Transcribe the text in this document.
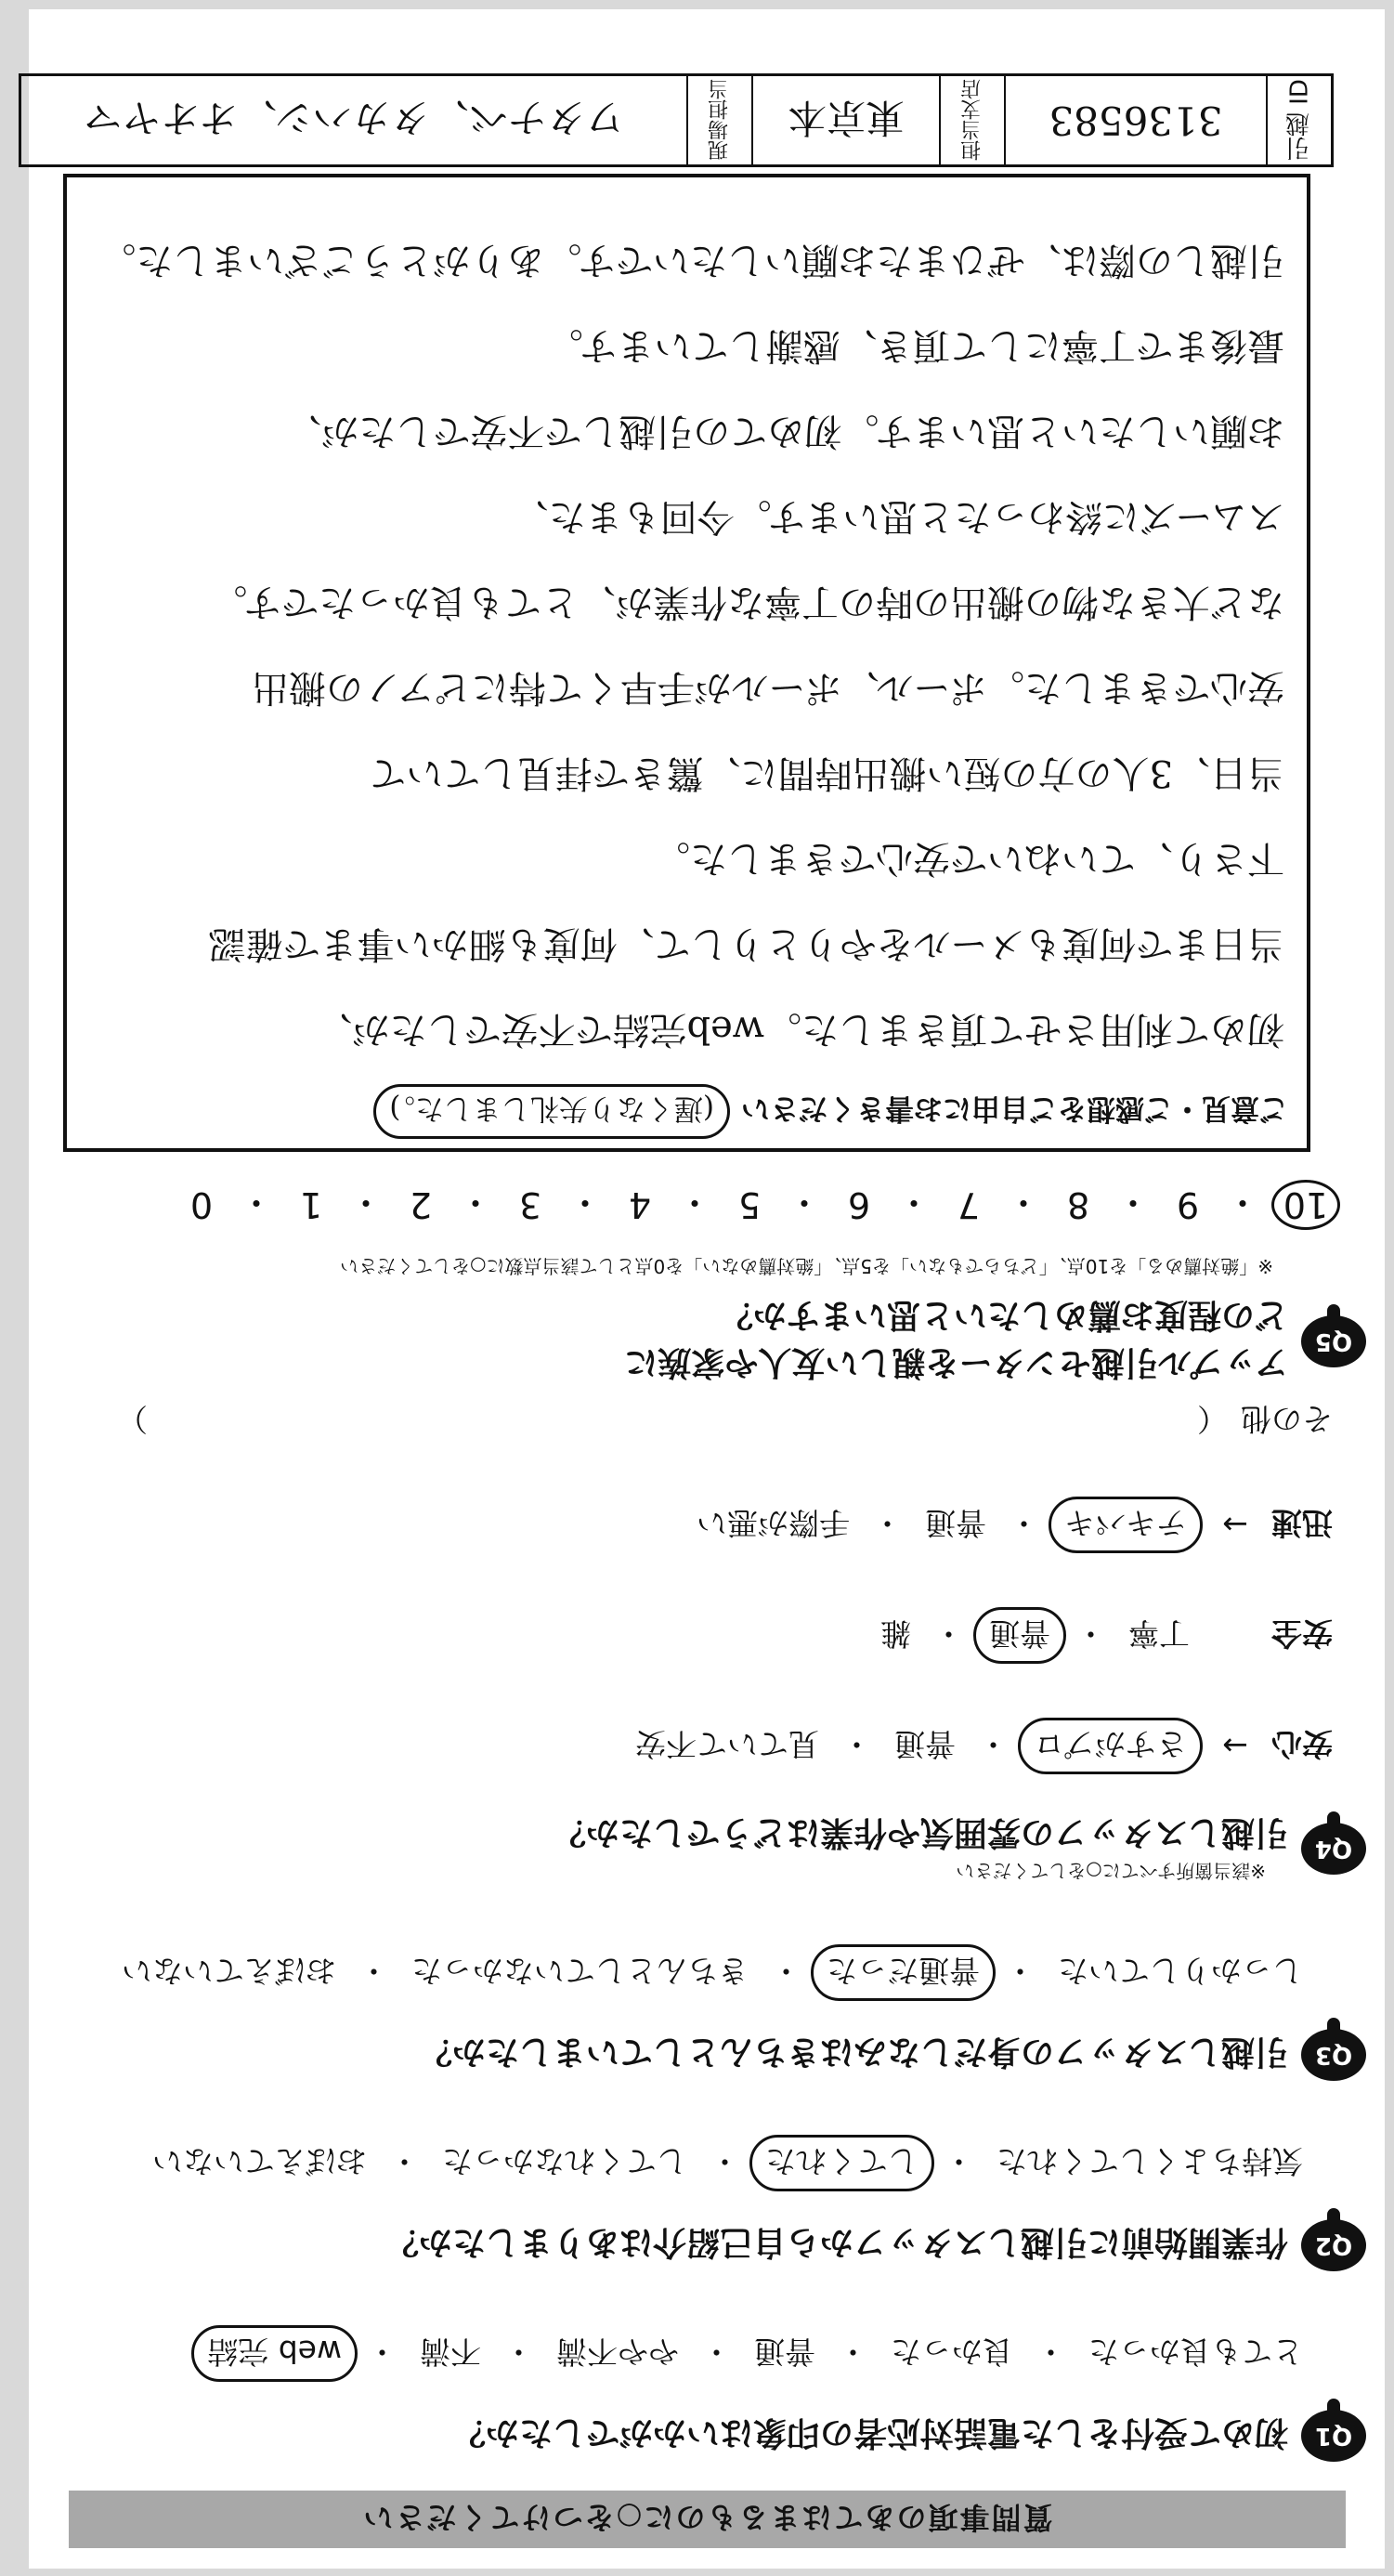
質問事項のあてはまるものに○をつけてください
Q1
初めて受付をした電話対応者の印象はいかがでしたか？
とても良かった
・
良かった
・
普通
・
やや不満
・
不満
・
web 完結
Q2
作業開始前に引越しスタッフから自己紹介はありましたか？
気持ちよくしてくれた
・
してくれた
・
してくれなかった
・
おぼえていない
Q3
引越しスタッフの身だしなみはきちんとしていましたか？
しっかりしていた
・
普通だった
・
きちんとしていなかった
・
おぼえていない
Q4
※該当箇所すべてに○をしてください
引越しスタッフの雰囲気や作業はどうでしたか？
安心
→
さすがプロ
・
普通
・
見ていて不安
安全
丁寧
・
普通
・
雑
迅速
→
テキパキ
・
普通
・
手際が悪い
その他
（
）
Q5
アップル引越センターを親しい友人や家族に
どの程度お薦めしたいと思いますか？
※「絶対薦める」を10点、「どちらでもない」を5点、「絶対薦めない」を0点として該当点数に○をしてください
10
・
9
・
8
・
7
・
6
・
5
・
4
・
3
・
2
・
1
・
0
ご意見・ご感想をご自由にお書きください
(遅くなり失礼しました。)
初めて利用させて頂きました。web完結で不安でしたが、
当日まで何度もメールをやりとりして、何度も細かい事まで確認
下さり、ていねいで安心できました。
当日、3人の方の短い搬出時間に、驚きで拝見していて
安心できました。ポール、ポールが手早くて特にピアノの搬出
など大きな物の搬出の時の丁寧な作業が、とても良かったです。
スムーズに終わったと思います。今回もまた、
お願いしたいと思います。初めての引越しで不安でしたが、
最後まで丁寧にして頂き、感謝しています。
引越しの際は、ぜひまたお願いしたいです。ありがとうございました。
引越 ID
3136583
担当支店
東京本
現場担当
ワタナベ、タカハシ、オオヤマ
